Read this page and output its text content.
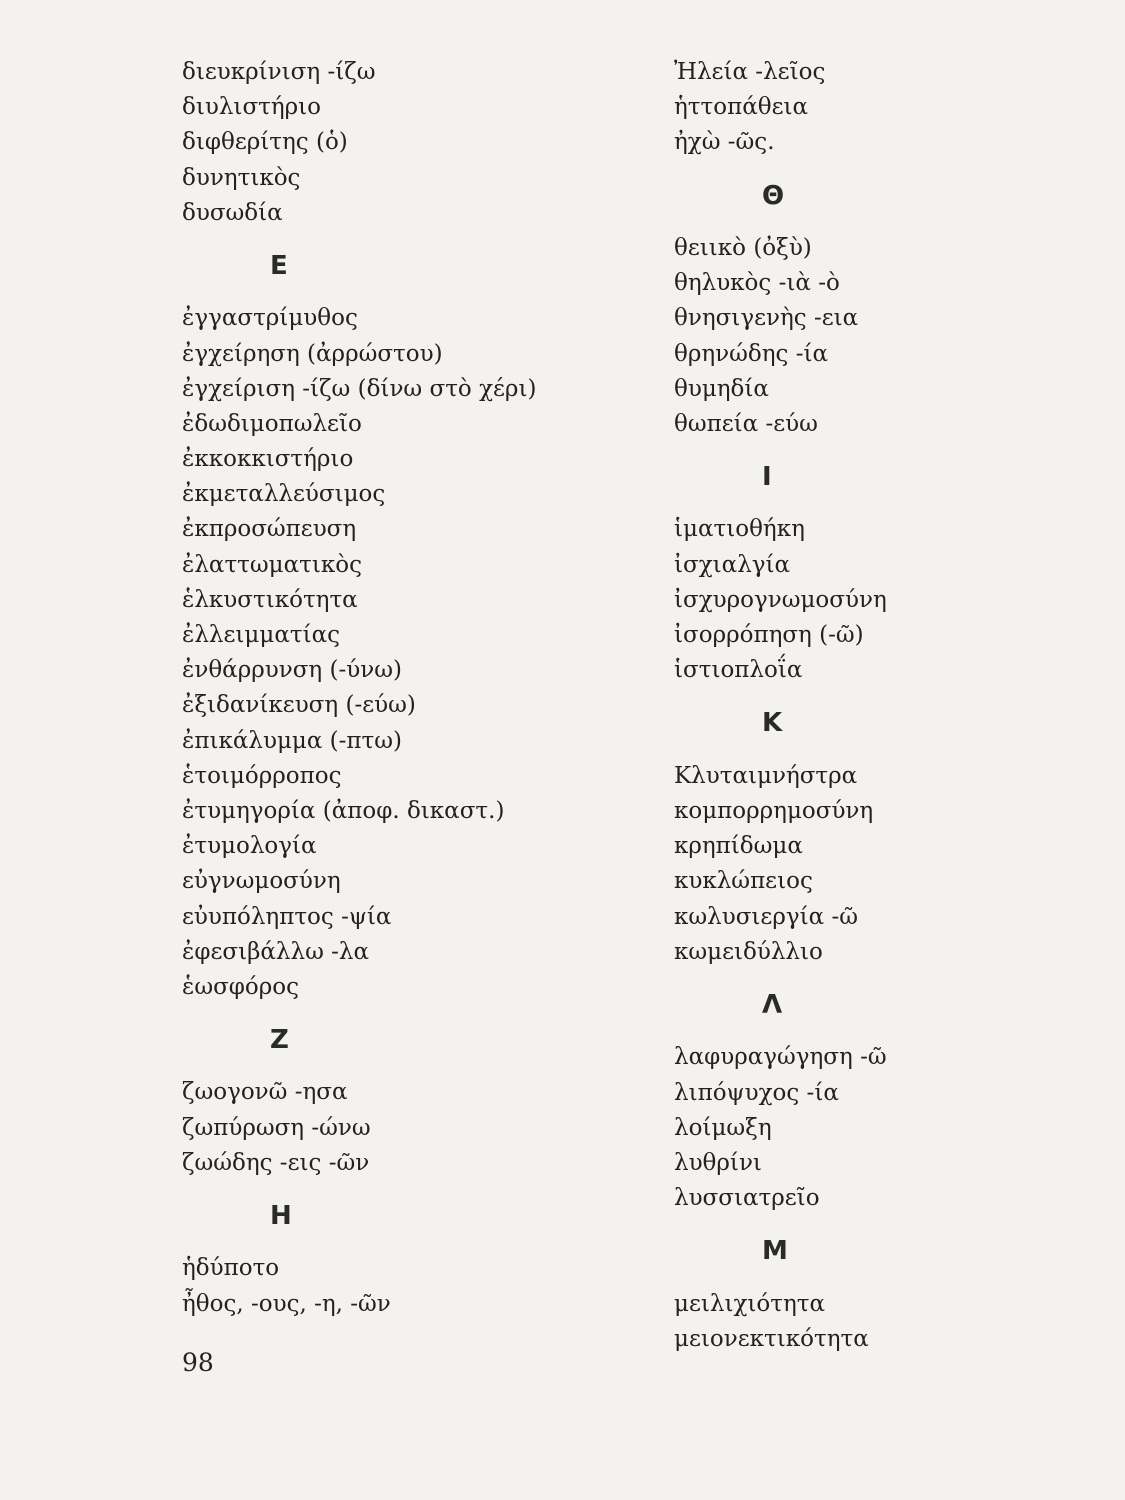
διευκρίνιση -ίζω
διυλιστήριο
διφθερίτης (ὁ)
δυνητικὸς
δυσωδία
E
ἐγγαστρίμυθος
ἐγχείρηση (ἀρρώστου)
ἐγχείριση -ίζω (δίνω στὸ χέρι)
ἐδωδιμοπωλεῖο
ἐκκοκκιστήριο
ἐκμεταλλεύσιμος
ἐκπροσώπευση
ἐλαττωματικὸς
ἑλκυστικότητα
ἐλλειμματίας
ἐνθάρρυνση (-ύνω)
ἐξιδανίκευση (-εύω)
ἐπικάλυμμα (-πτω)
ἑτοιμόρροπος
ἐτυμηγορία (ἀποφ. δικαστ.)
ἐτυμολογία
εὐγνωμοσύνη
εὐυπόληπτος -ψία
ἐφεσιβάλλω -λα
ἑωσφόρος
Z
ζωογονῶ -ησα
ζωπύρωση -ώνω
ζωώδης -εις -ῶν
H
ἡδύποτο
ἦθος, -ους, -η, -ῶν
Ἠλεία -λεῖος
ἡττοπάθεια
ἠχὼ -ῶς.
Θ
θειικὸ (ὀξὺ)
θηλυκὸς -ιὰ -ὸ
θνησιγενὴς -εια
θρηνώδης -ία
θυμηδία
θωπεία -εύω
I
ἱματιοθήκη
ἰσχιαλγία
ἰσχυρογνωμοσύνη
ἰσορρόπηση (-ῶ)
ἱστιοπλοΐα
K
Κλυταιμνήστρα
κομπορρημοσύνη
κρηπίδωμα
κυκλώπειος
κωλυσιεργία -ῶ
κωμειδύλλιο
Λ
λαφυραγώγηση -ῶ
λιπόψυχος -ία
λοίμωξη
λυθρίνι
λυσσιατρεῖο
M
μειλιχιότητα
μειονεκτικότητα
98
